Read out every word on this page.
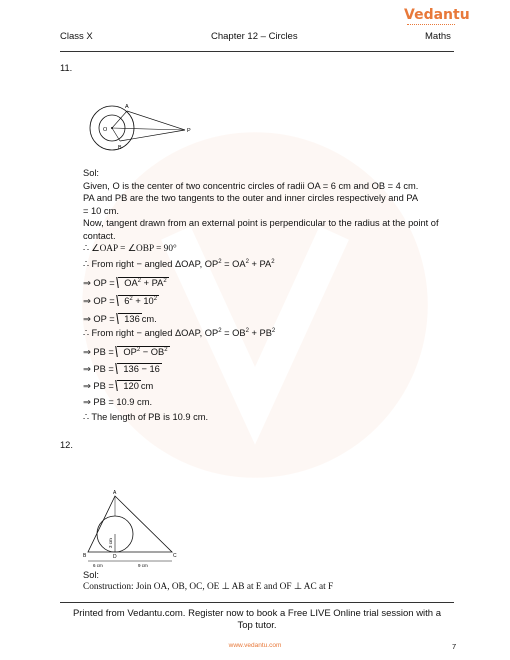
Class X	Chapter 12 – Circles	Maths
Vedantu
11.
A
O	P
B

Sol:

Given, O is the center of two concentric circles of radii OA = 6 cm and OB = 4 cm.

PA and PB are the two tangents to the outer and inner circles respectively and PA

= 10 cm.

Now, tangent drawn from an external point is perpendicular to the radius at the point of

contact.

∴ ∠OAP = ∠OBP = 90°
∴ From right − angled ΔOAP, $OP^2 = OA^2 + PA^2$
⇒ OP = $OA^2 + PA^2$
⇒ OP = $6^2 + 10^2$
⇒ OP = 136 cm.
∴ From right − angled ΔOAP, $OP^2 = OB^2 + PB^2$
⇒ PB = $OP^2 - OB^2$
⇒ PB = 136 − 16
⇒ PB = 120 cm
⇒ PB = 10.9 cm.
∴ The length of PB is 10.9 cm.
12.
A
B	D	C
6 cm	9 cm
3 cm
Sol:
Construction: Join OA, OB, OC, OE ⊥ AB at E and OF ⊥ AC at F
Printed from Vedantu.com. Register now to book a Free LIVE Online trial session with a
Top tutor.
www.vedantu.com	7
